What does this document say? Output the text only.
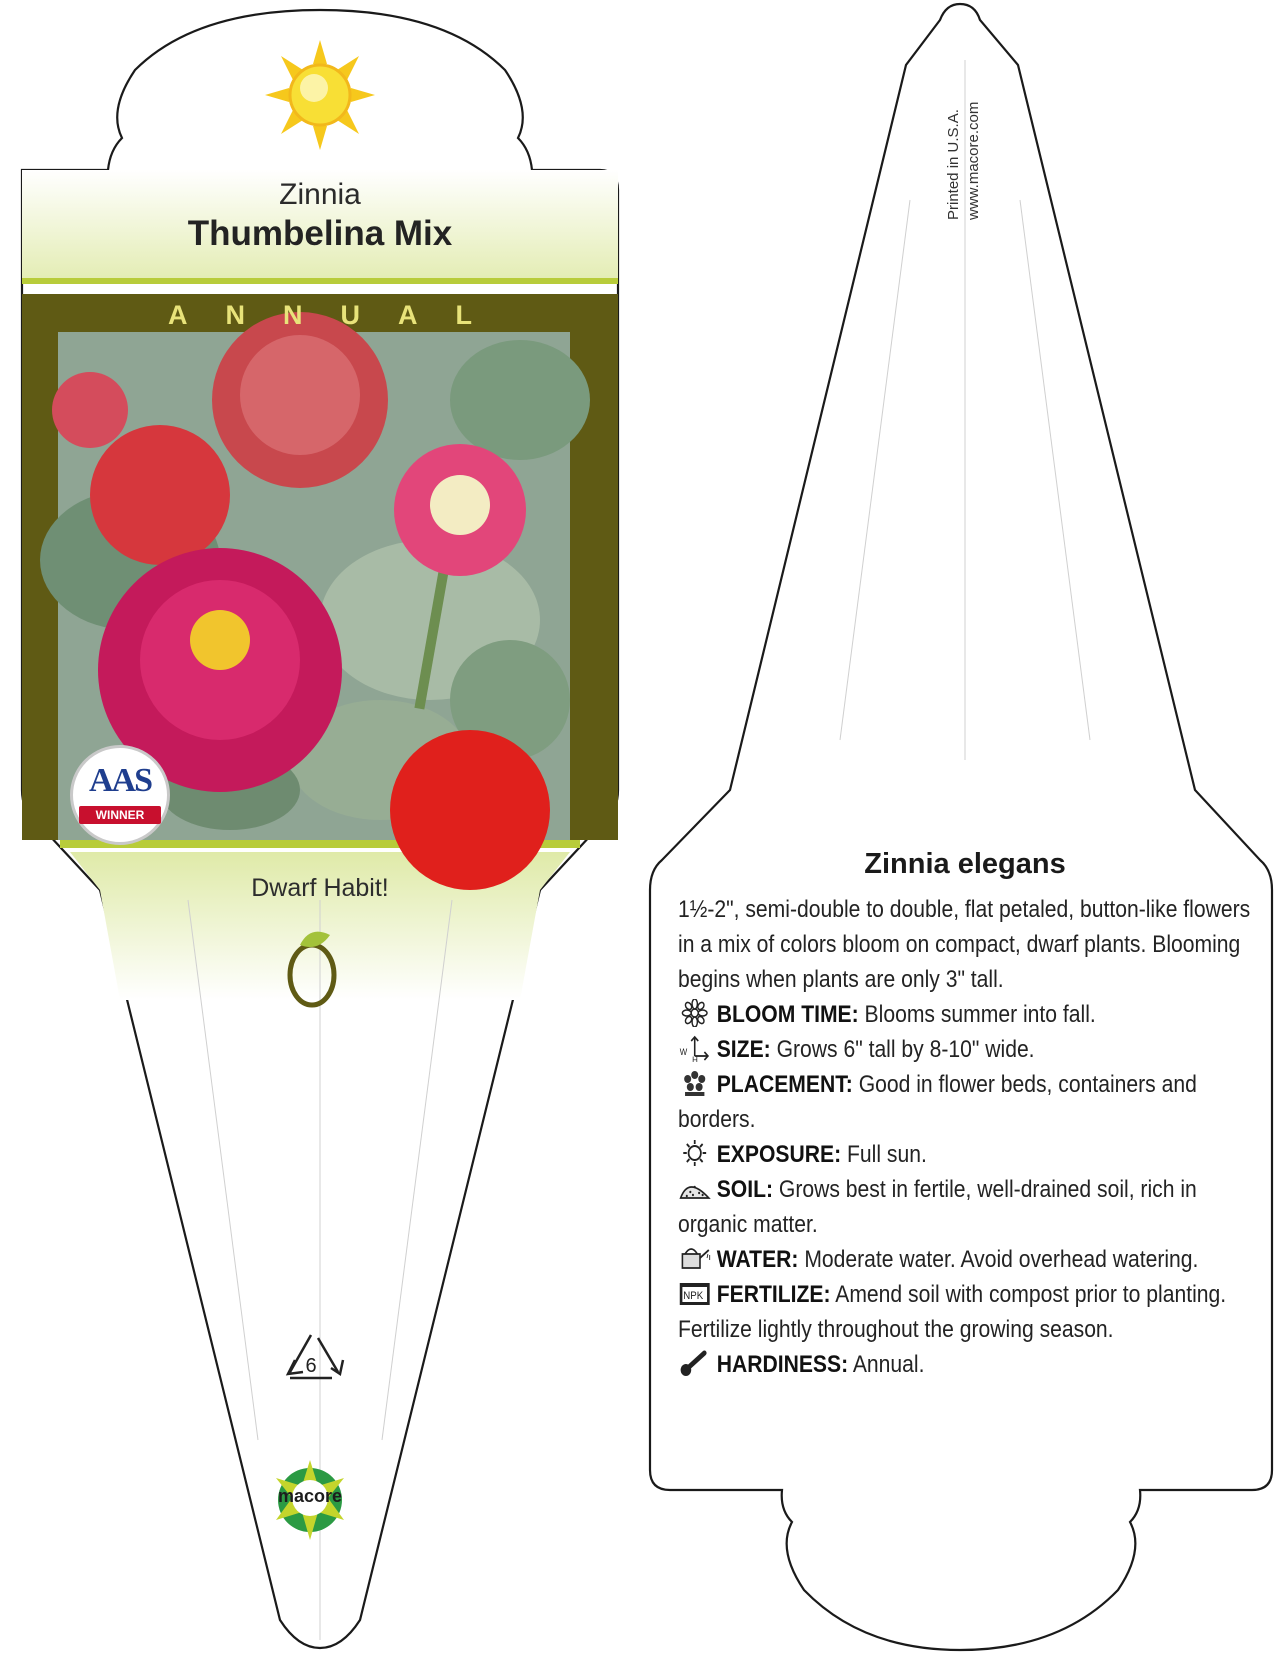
Zinnia
Thumbelina Mix
ANNUAL
AAS
WINNER
Dwarf Habit!
6
macore
Printed in U.S.A. www.macore.com
Zinnia elegans
1½-2", semi-double to double, flat petaled, button-like flowers in a mix of colors bloom on compact, dwarf plants. Blooming begins when plants are only 3" tall.
BLOOM TIME: Blooms summer into fall.
W
H SIZE: Grows 6" tall by 8-10" wide.
PLACEMENT: Good in flower beds, containers and borders.
EXPOSURE: Full sun.
SOIL: Grows best in fertile, well-drained soil, rich in organic matter.
WATER: Moderate water. Avoid overhead watering.
NPK FERTILIZE: Amend soil with compost prior to planting. Fertilize lightly throughout the growing season.
HARDINESS: Annual.
